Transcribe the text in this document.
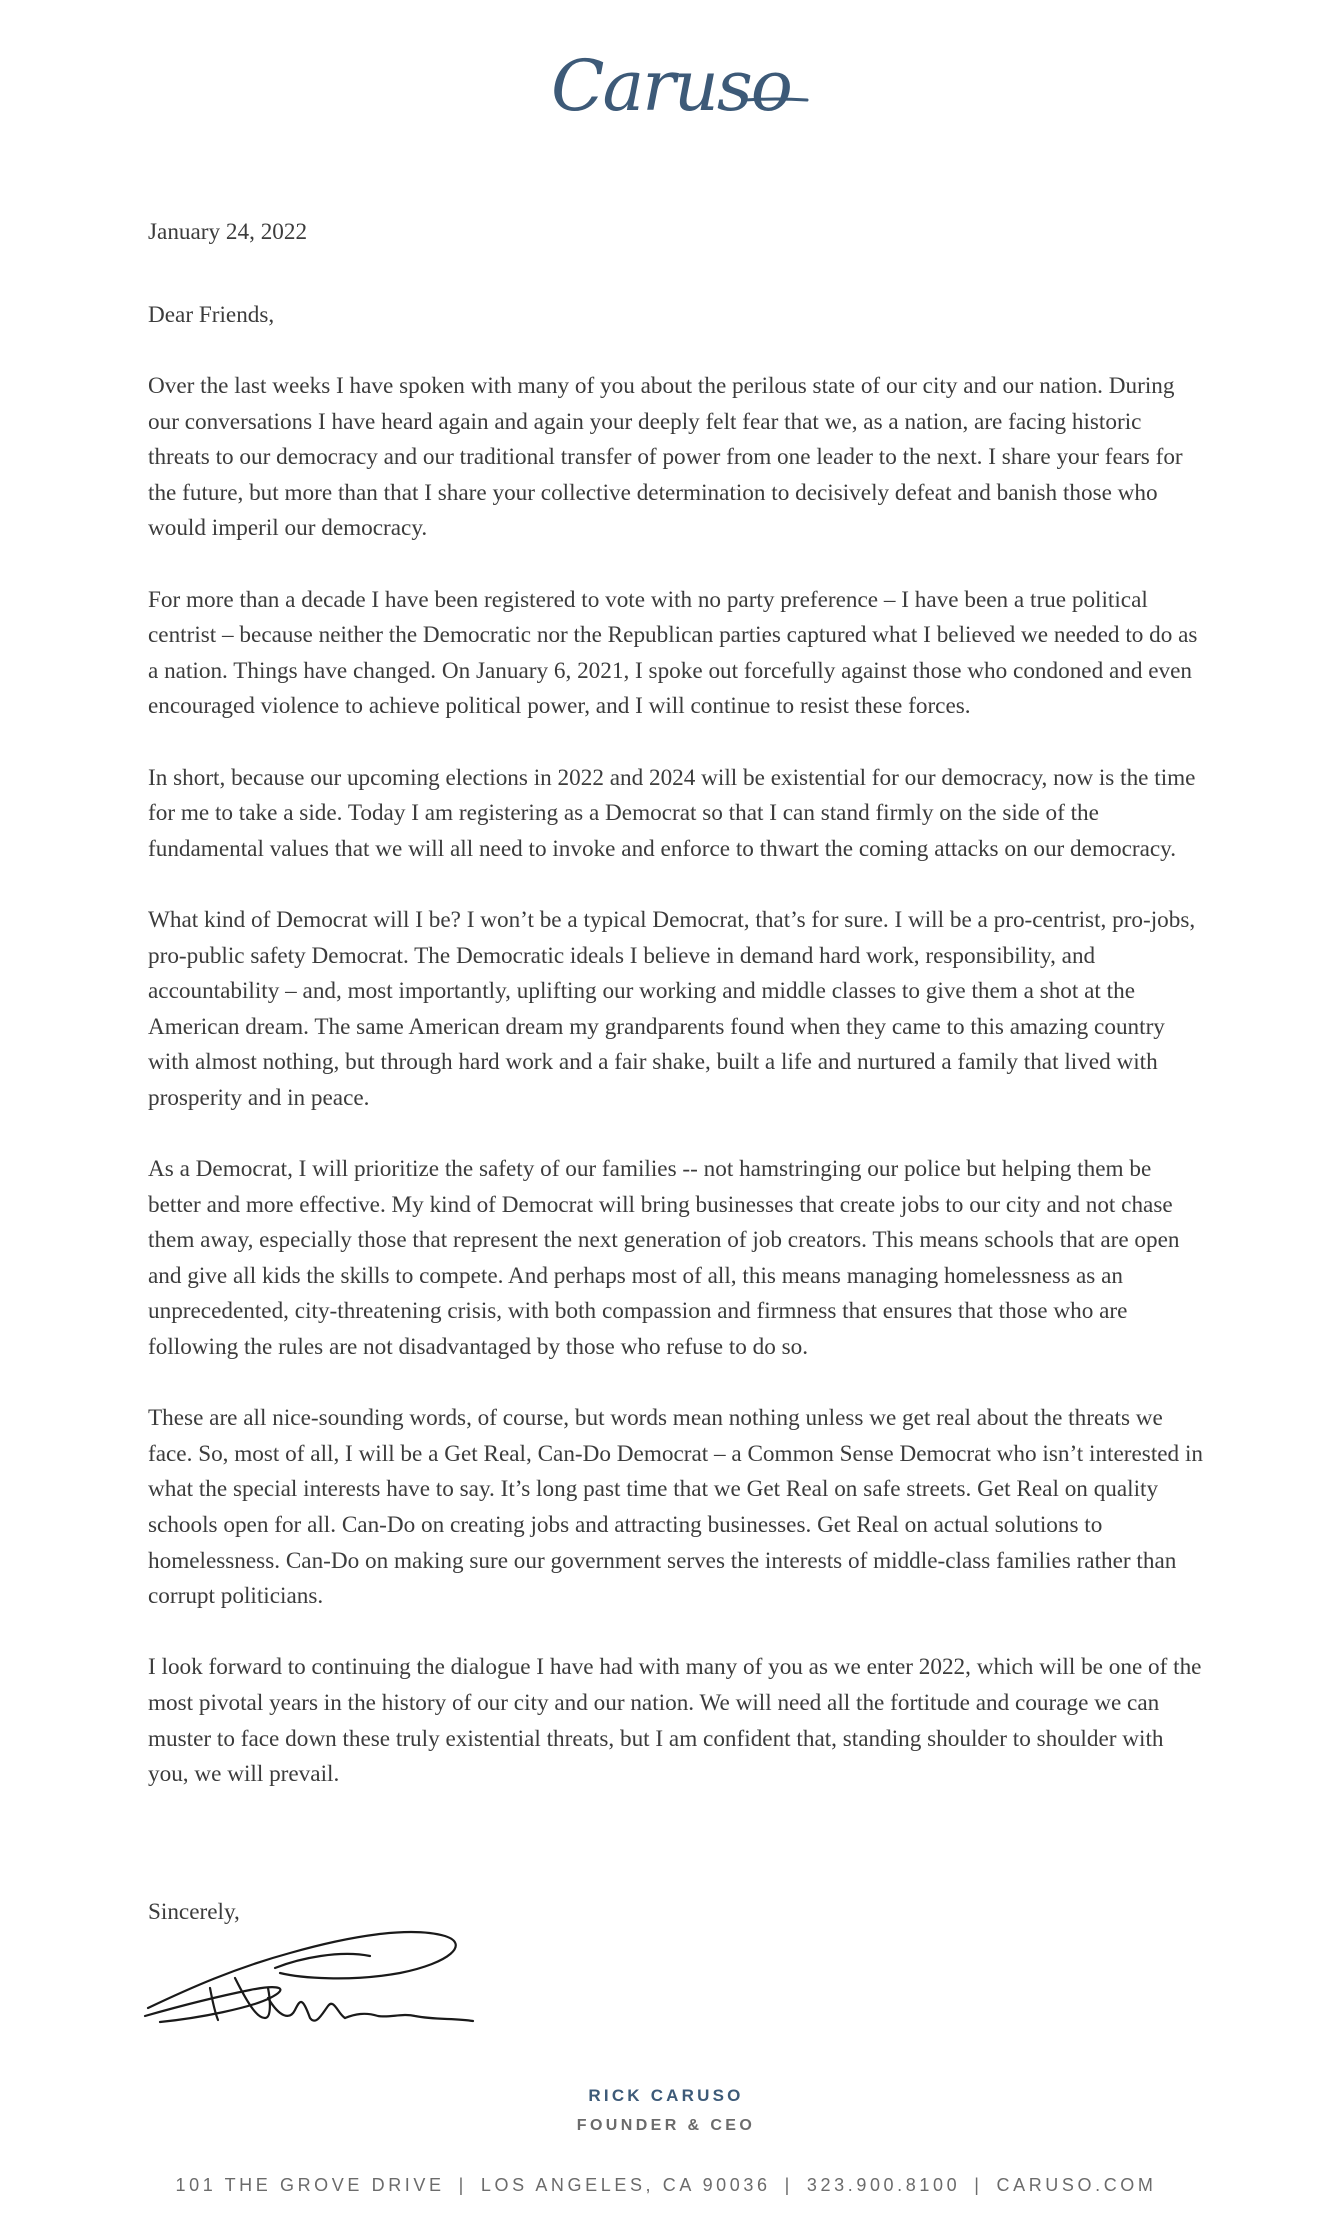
Caruso
January 24, 2022
Dear Friends,

Over the last weeks I have spoken with many of you about the perilous state of our city and our nation. During our conversations I have heard again and again your deeply felt fear that we, as a nation, are facing historic threats to our democracy and our traditional transfer of power from one leader to the next. I share your fears for the future, but more than that I share your collective determination to decisively defeat and banish those who would imperil our democracy.

For more than a decade I have been registered to vote with no party preference – I have been a true political centrist – because neither the Democratic nor the Republican parties captured what I believed we needed to do as a nation. Things have changed. On January 6, 2021, I spoke out forcefully against those who condoned and even encouraged violence to achieve political power, and I will continue to resist these forces.

In short, because our upcoming elections in 2022 and 2024 will be existential for our democracy, now is the time for me to take a side. Today I am registering as a Democrat so that I can stand firmly on the side of the fundamental values that we will all need to invoke and enforce to thwart the coming attacks on our democracy.

What kind of Democrat will I be? I won’t be a typical Democrat, that’s for sure. I will be a pro-centrist, pro-jobs, pro-public safety Democrat. The Democratic ideals I believe in demand hard work, responsibility, and accountability – and, most importantly, uplifting our working and middle classes to give them a shot at the American dream. The same American dream my grandparents found when they came to this amazing country with almost nothing, but through hard work and a fair shake, built a life and nurtured a family that lived with prosperity and in peace.

As a Democrat, I will prioritize the safety of our families -- not hamstringing our police but helping them be better and more effective. My kind of Democrat will bring businesses that create jobs to our city and not chase them away, especially those that represent the next generation of job creators. This means schools that are open and give all kids the skills to compete. And perhaps most of all, this means managing homelessness as an unprecedented, city-threatening crisis, with both compassion and firmness that ensures that those who are following the rules are not disadvantaged by those who refuse to do so.

These are all nice-sounding words, of course, but words mean nothing unless we get real about the threats we face. So, most of all, I will be a Get Real, Can-Do Democrat – a Common Sense Democrat who isn’t interested in what the special interests have to say. It’s long past time that we Get Real on safe streets. Get Real on quality schools open for all. Can-Do on creating jobs and attracting businesses. Get Real on actual solutions to homelessness. Can-Do on making sure our government serves the interests of middle-class families rather than corrupt politicians.

I look forward to continuing the dialogue I have had with many of you as we enter 2022, which will be one of the most pivotal years in the history of our city and our nation. We will need all the fortitude and courage we can muster to face down these truly existential threats, but I am confident that, standing shoulder to shoulder with you, we will prevail.

Sincerely,
RICK CARUSO
FOUNDER & CEO
101 THE GROVE DRIVE | LOS ANGELES, CA 90036 | 323.900.8100 | CARUSO.COM
